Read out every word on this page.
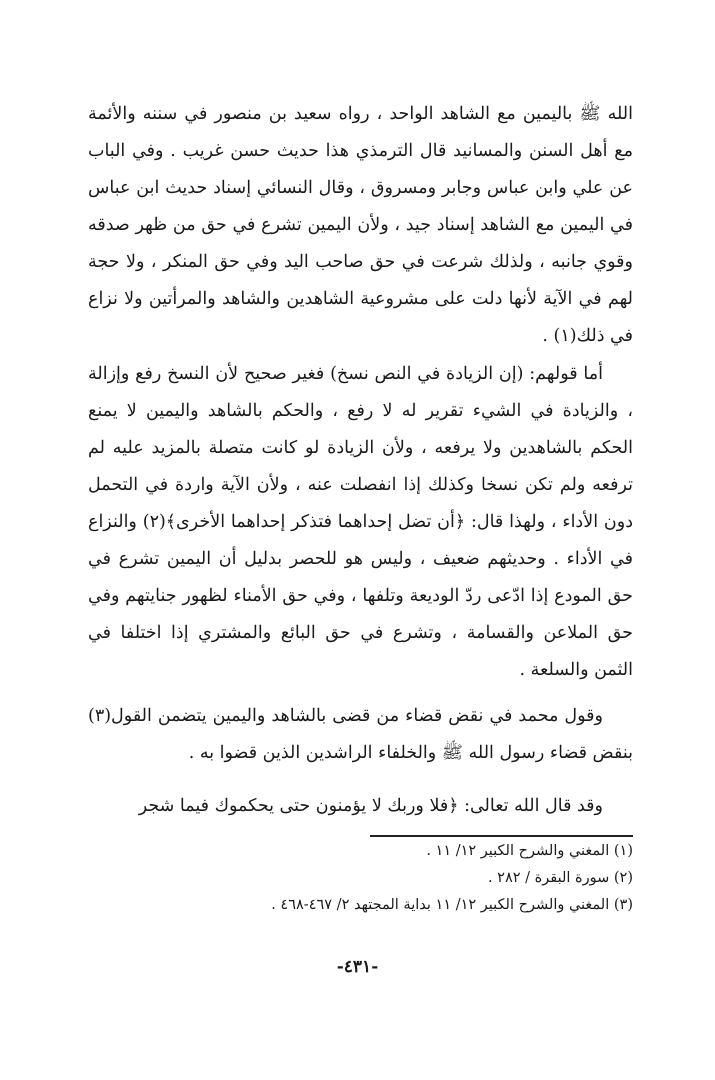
الله ﷺ باليمين مع الشاهد الواحد ، رواه سعيد بن منصور في سننه والأئمة مع أهل السنن والمسانيد قال الترمذي هذا حديث حسن غريب . وفي الباب عن علي وابن عباس وجابر ومسروق ، وقال النسائي إسناد حديث ابن عباس في اليمين مع الشاهد إسناد جيد ، ولأن اليمين تشرع في حق من ظهر صدقه وقوي جانبه ، ولذلك شرعت في حق صاحب اليد وفي حق المنكر ، ولا حجة لهم في الآية لأنها دلت على مشروعية الشاهدين والشاهد والمرأتين ولا نزاع في ذلك(١) .

أما قولهم: (إن الزيادة في النص نسخ) فغير صحيح لأن النسخ رفع وإزالة ، والزيادة في الشيء تقرير له لا رفع ، والحكم بالشاهد واليمين لا يمنع الحكم بالشاهدين ولا يرفعه ، ولأن الزيادة لو كانت متصلة بالمزيد عليه لم ترفعه ولم تكن نسخا وكذلك إذا انفصلت عنه ، ولأن الآية واردة في التحمل دون الأداء ، ولهذا قال: ﴿أن تضل إحداهما فتذكر إحداهما الأخرى﴾(٢) والنزاع في الأداء . وحديثهم ضعيف ، وليس هو للحصر بدليل أن اليمين تشرع في حق المودع إذا ادّعى ردّ الوديعة وتلفها ، وفي حق الأمناء لظهور جنايتهم وفي حق الملاعن والقسامة ، وتشرع في حق البائع والمشتري إذا اختلفا في الثمن والسلعة .

وقول محمد في نقض قضاء من قضى بالشاهد واليمين يتضمن القول(٣) بنقض قضاء رسول الله ﷺ والخلفاء الراشدين الذين قضوا به .

وقد قال الله تعالى: ﴿فلا وربك لا يؤمنون حتى يحكموك فيما شجر

(١) المغني والشرح الكبير ١٢/ ١١ .
(٢) سورة البقرة / ٢٨٢ .
(٣) المغني والشرح الكبير ١٢/ ١١ بداية المجتهد ٢/ ٤٦٧-٤٦٨ .
-٤٣١-
